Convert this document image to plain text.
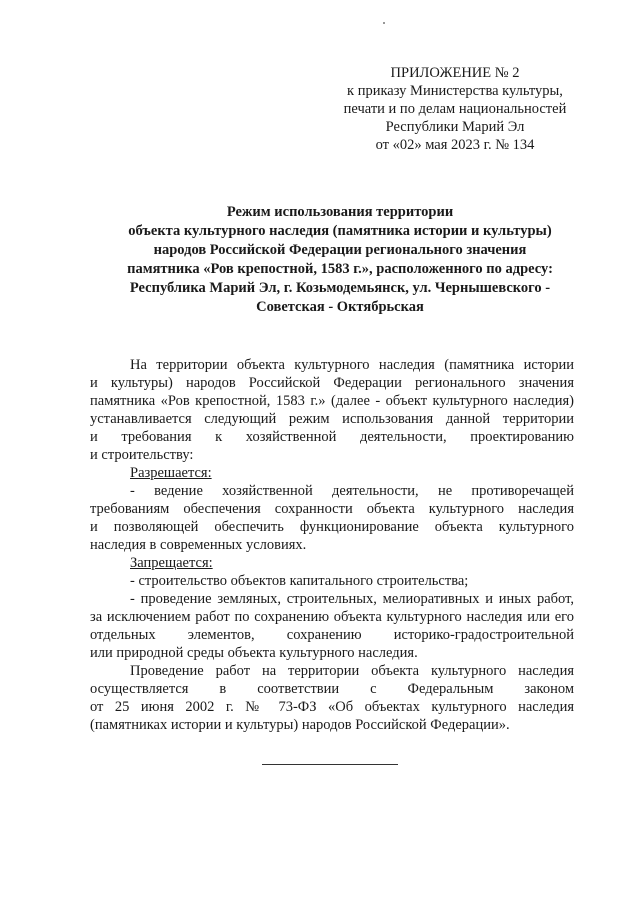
ПРИЛОЖЕНИЕ № 2
к приказу Министерства культуры,
печати и по делам национальностей
Республики Марий Эл
от «02» мая 2023 г. № 134
Режим использования территории
объекта культурного наследия (памятника истории и культуры)
народов Российской Федерации регионального значения
памятника «Ров крепостной, 1583 г.», расположенного по адресу:
Республика Марий Эл, г. Козьмодемьянск, ул. Чернышевского -
Советская - Октябрьская
На территории объекта культурного наследия (памятника истории
и культуры) народов Российской Федерации регионального значения
памятника «Ров крепостной, 1583 г.» (далее - объект культурного наследия)
устанавливается следующий режим использования данной территории
и требования к хозяйственной деятельности, проектированию
и строительству:
Разрешается:
- ведение хозяйственной деятельности, не противоречащей
требованиям обеспечения сохранности объекта культурного наследия
и позволяющей обеспечить функционирование объекта культурного
наследия в современных условиях.
Запрещается:
- строительство объектов капитального строительства;
- проведение земляных, строительных, мелиоративных и иных работ,
за исключением работ по сохранению объекта культурного наследия или его
отдельных элементов, сохранению историко-градостроительной
или природной среды объекта культурного наследия.
Проведение работ на территории объекта культурного наследия
осуществляется в соответствии с Федеральным законом
от 25 июня 2002 г. № 73-ФЗ «Об объектах культурного наследия
(памятниках истории и культуры) народов Российской Федерации».
